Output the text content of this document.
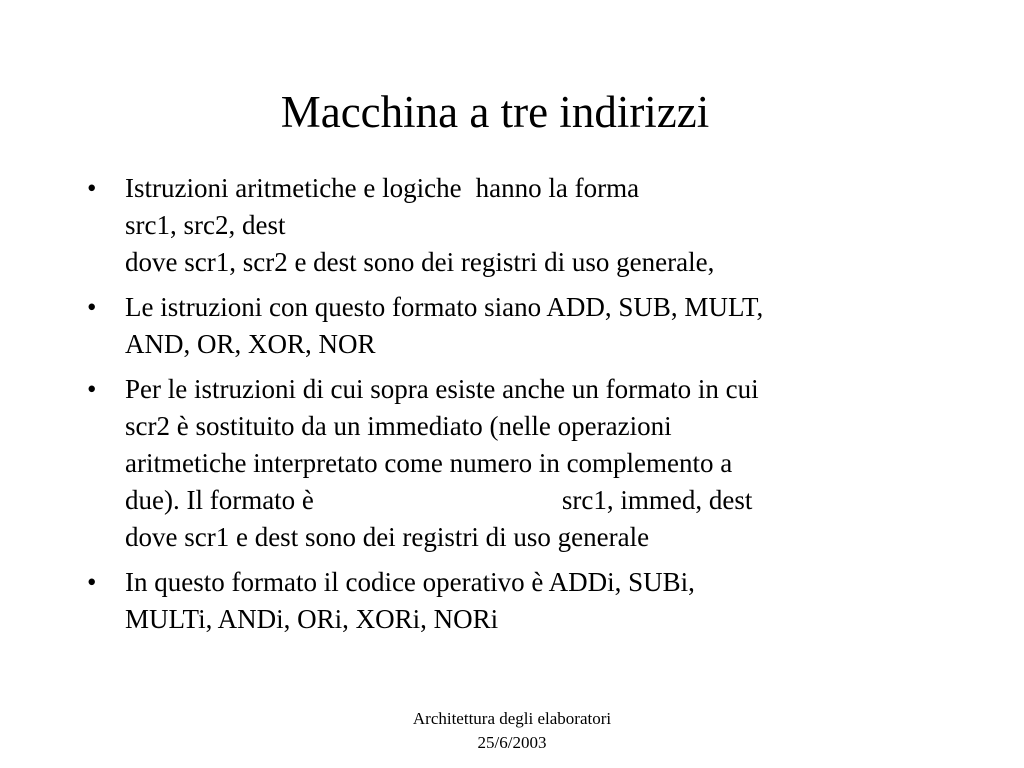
Macchina a tre indirizzi
•	Istruzioni aritmetiche e logiche hanno la forma
src1, src2, dest
dove scr1, scr2 e dest sono dei registri di uso generale,
•	Le istruzioni con questo formato siano ADD, SUB, MULT,
AND, OR, XOR, NOR
•	Per le istruzioni di cui sopra esiste anche un formato in cui
scr2 è sostituito da un immediato (nelle operazioni
aritmetiche interpretato come numero in complemento a
due). Il formato è	src1, immed, dest
dove scr1 e dest sono dei registri di uso generale
•	In questo formato il codice operativo è ADDi, SUBi,
MULTi, ANDi, ORi, XORi, NORi
Architettura degli elaboratori
25/6/2003
